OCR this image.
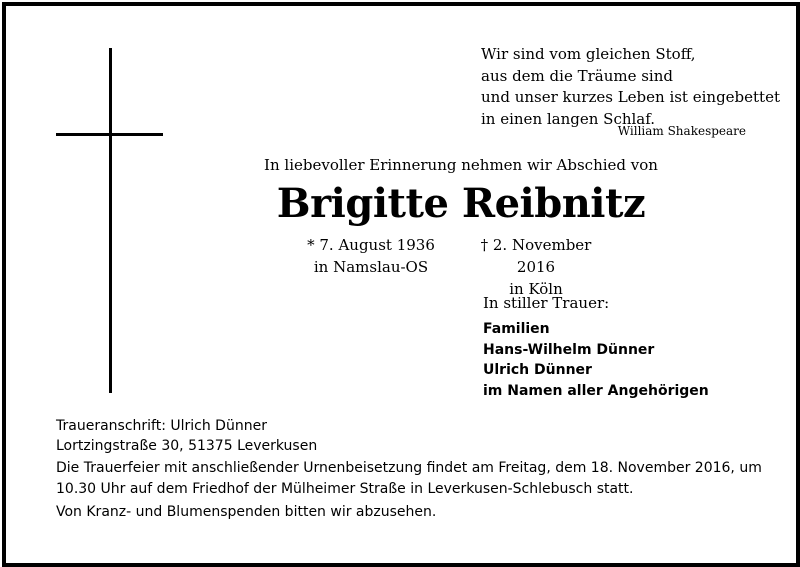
Wir sind vom gleichen Stoff,
aus dem die Träume sind
und unser kurzes Leben ist eingebettet
in einen langen Schlaf.
William Shakespeare
In liebevoller Erinnerung nehmen wir Abschied von
Brigitte Reibnitz
* 7. August 1936
in Namslau-OS
† 2. November 2016
in Köln
In stiller Trauer:
Familien
Hans-Wilhelm Dünner
Ulrich Dünner
im Namen aller Angehörigen
Traueranschrift: Ulrich Dünner
Lortzingstraße 30, 51375 Leverkusen
Die Trauerfeier mit anschließender Urnenbeisetzung findet am Freitag, dem 18. November 2016, um
10.30 Uhr auf dem Friedhof der Mülheimer Straße in Leverkusen-Schlebusch statt.
Von Kranz- und Blumenspenden bitten wir abzusehen.
